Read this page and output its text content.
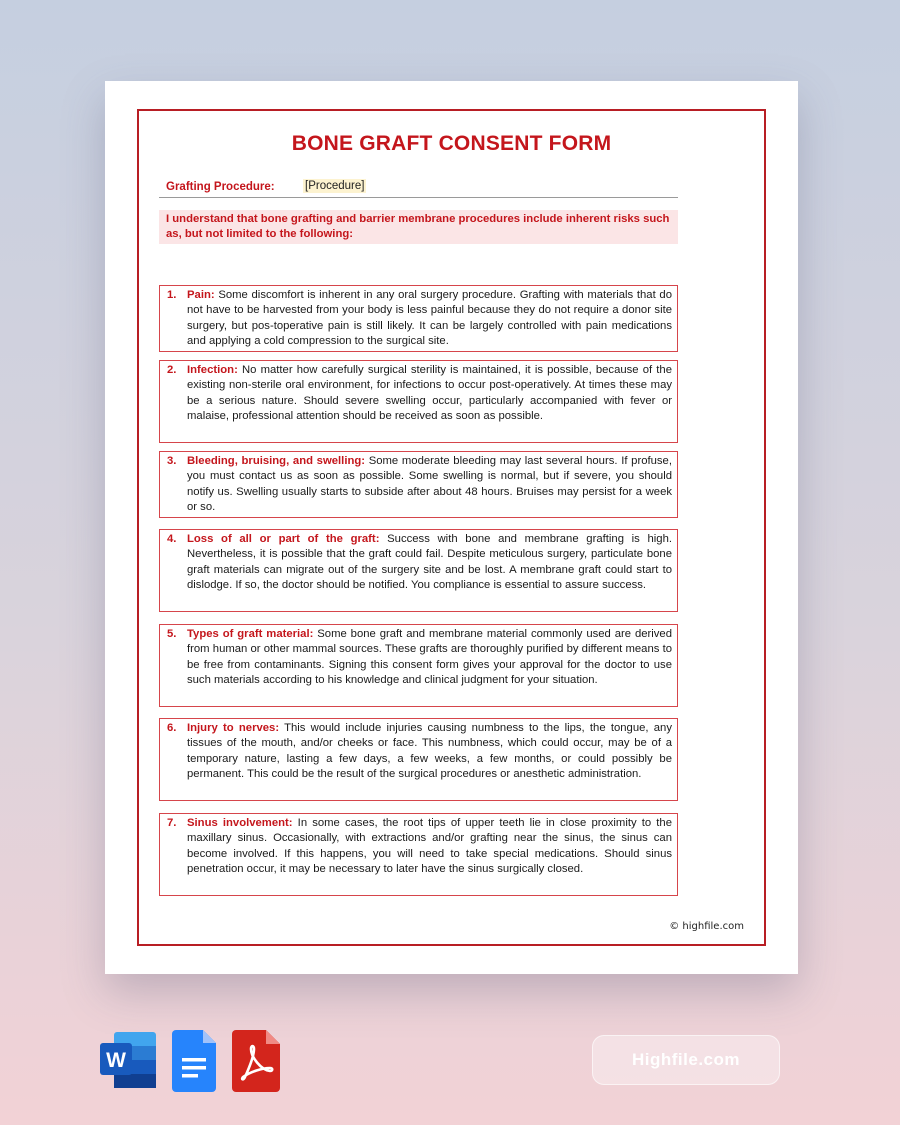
BONE GRAFT CONSENT FORM
Grafting Procedure:	[Procedure]
I understand that bone grafting and barrier membrane procedures include inherent risks such as, but not limited to the following:
1. Pain: Some discomfort is inherent in any oral surgery procedure. Grafting with materials that do not have to be harvested from your body is less painful because they do not require a donor site surgery, but pos-toperative pain is still likely. It can be largely controlled with pain medications and applying a cold compression to the surgical site.
2. Infection: No matter how carefully surgical sterility is maintained, it is possible, because of the existing non-sterile oral environment, for infections to occur post-operatively. At times these may be a serious nature. Should severe swelling occur, particularly accompanied with fever or malaise, professional attention should be received as soon as possible.
3. Bleeding, bruising, and swelling: Some moderate bleeding may last several hours. If profuse, you must contact us as soon as possible. Some swelling is normal, but if severe, you should notify us. Swelling usually starts to subside after about 48 hours. Bruises may persist for a week or so.
4. Loss of all or part of the graft: Success with bone and membrane grafting is high. Nevertheless, it is possible that the graft could fail. Despite meticulous surgery, particulate bone graft materials can migrate out of the surgery site and be lost. A membrane graft could start to dislodge. If so, the doctor should be notified. You compliance is essential to assure success.
5. Types of graft material: Some bone graft and membrane material commonly used are derived from human or other mammal sources. These grafts are thoroughly purified by different means to be free from contaminants. Signing this consent form gives your approval for the doctor to use such materials according to his knowledge and clinical judgment for your situation.
6. Injury to nerves: This would include injuries causing numbness to the lips, the tongue, any tissues of the mouth, and/or cheeks or face. This numbness, which could occur, may be of a temporary nature, lasting a few days, a few weeks, a few months, or could possibly be permanent. This could be the result of the surgical procedures or anesthetic administration.
7. Sinus involvement: In some cases, the root tips of upper teeth lie in close proximity to the maxillary sinus. Occasionally, with extractions and/or grafting near the sinus, the sinus can become involved. If this happens, you will need to take special medications. Should sinus penetration occur, it may be necessary to later have the sinus surgically closed.
© highfile.com
W	Highfile.com
